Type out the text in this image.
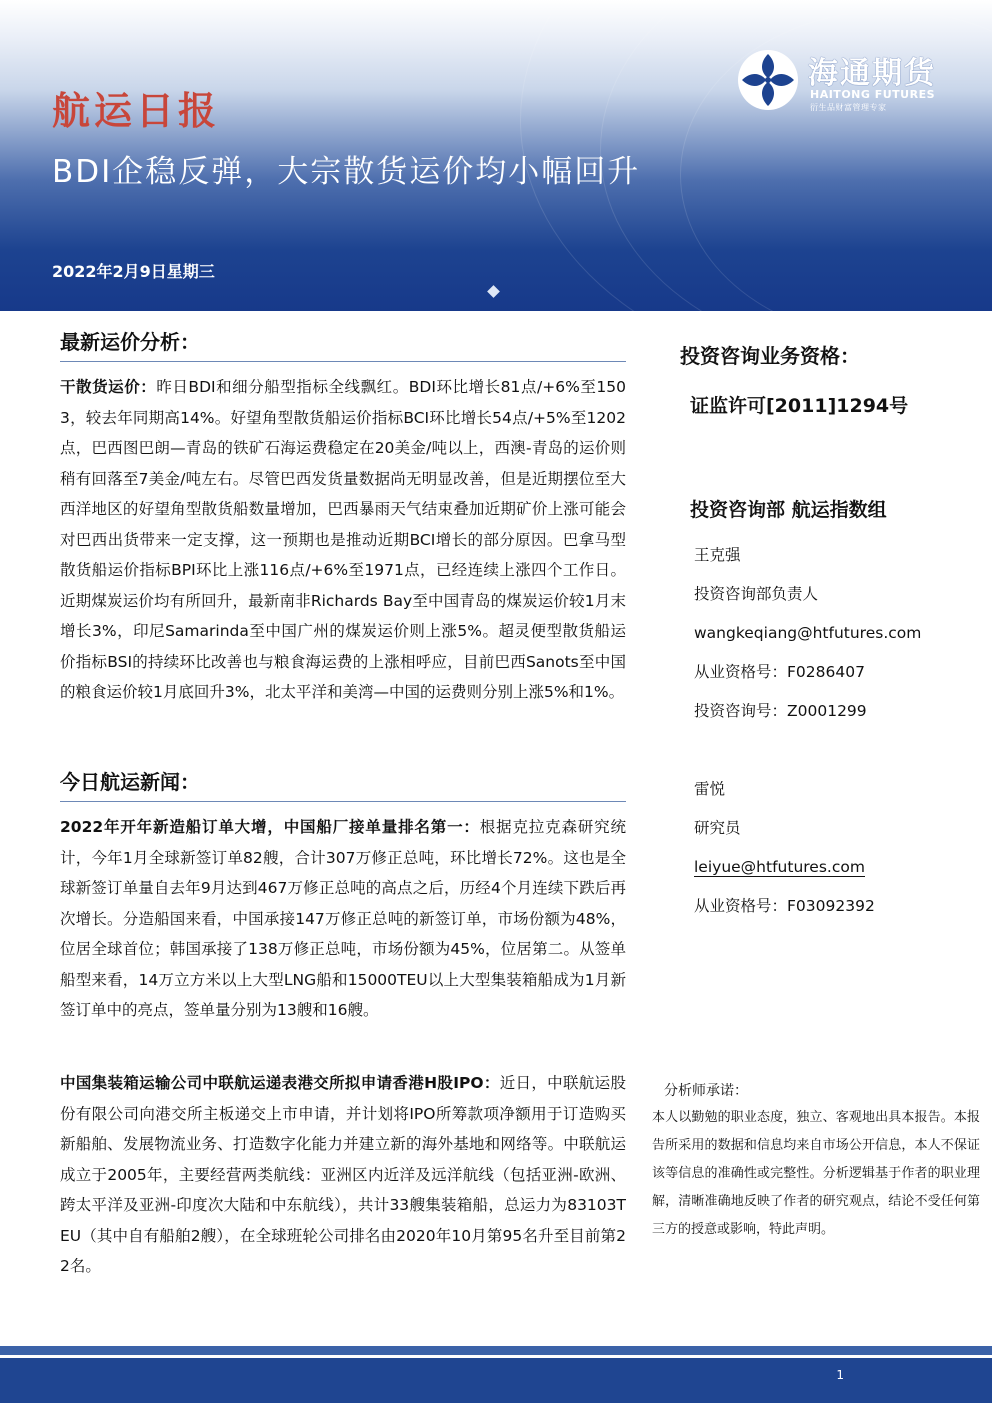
航运日报
BDI企稳反弹，大宗散货运价均小幅回升
2022年2月9日星期三
海通期货
HAITONG FUTURES
衍生品财富管理专家
最新运价分析：

干散货运价：昨日BDI和细分船型指标全线飘红。BDI环比增长81点/+6%至1503，较去年同期高14%。好望角型散货船运价指标BCI环比增长54点/+5%至1202点，巴西图巴朗—青岛的铁矿石海运费稳定在20美金/吨以上，西澳-青岛的运价则稍有回落至7美金/吨左右。尽管巴西发货量数据尚无明显改善，但是近期摆位至大西洋地区的好望角型散货船数量增加，巴西暴雨天气结束叠加近期矿价上涨可能会对巴西出货带来一定支撑，这一预期也是推动近期BCI增长的部分原因。巴拿马型散货船运价指标BPI环比上涨116点/+6%至1971点，已经连续上涨四个工作日。近期煤炭运价均有所回升，最新南非Richards Bay至中国青岛的煤炭运价较1月末增长3%，印尼Samarinda至中国广州的煤炭运价则上涨5%。超灵便型散货船运价指标BSI的持续环比改善也与粮食海运费的上涨相呼应，目前巴西Sanots至中国的粮食运价较1月底回升3%，北太平洋和美湾—中国的运费则分别上涨5%和1%。

今日航运新闻：

2022年开年新造船订单大增，中国船厂接单量排名第一：根据克拉克森研究统计，今年1月全球新签订单82艘，合计307万修正总吨，环比增长72%。这也是全球新签订单量自去年9月达到467万修正总吨的高点之后，历经4个月连续下跌后再次增长。分造船国来看，中国承接147万修正总吨的新签订单，市场份额为48%，位居全球首位；韩国承接了138万修正总吨，市场份额为45%，位居第二。从签单船型来看，14万立方米以上大型LNG船和15000TEU以上大型集装箱船成为1月新签订单中的亮点，签单量分别为13艘和16艘。

中国集装箱运输公司中联航运递表港交所拟申请香港H股IPO：近日，中联航运股份有限公司向港交所主板递交上市申请，并计划将IPO所筹款项净额用于订造购买新船舶、发展物流业务、打造数字化能力并建立新的海外基地和网络等。中联航运成立于2005年，主要经营两类航线：亚洲区内近洋及远洋航线（包括亚洲-欧洲、跨太平洋及亚洲-印度次大陆和中东航线），共计33艘集装箱船，总运力为83103TEU（其中自有船舶2艘），在全球班轮公司排名由2020年10月第95名升至目前第22名。

投资咨询业务资格：
证监许可[2011]1294号
投资咨询部 航运指数组
王克强
投资咨询部负责人
wangkeqiang@htfutures.com
从业资格号：F0286407
投资咨询号：Z0001299
雷悦
研究员
leiyue@htfutures.com
从业资格号：F03092392
分析师承诺：
本人以勤勉的职业态度，独立、客观地出具本报告。本报告所采用的数据和信息均来自市场公开信息，本人不保证该等信息的准确性或完整性。分析逻辑基于作者的职业理解，清晰准确地反映了作者的研究观点，结论不受任何第三方的授意或影响，特此声明。
1
